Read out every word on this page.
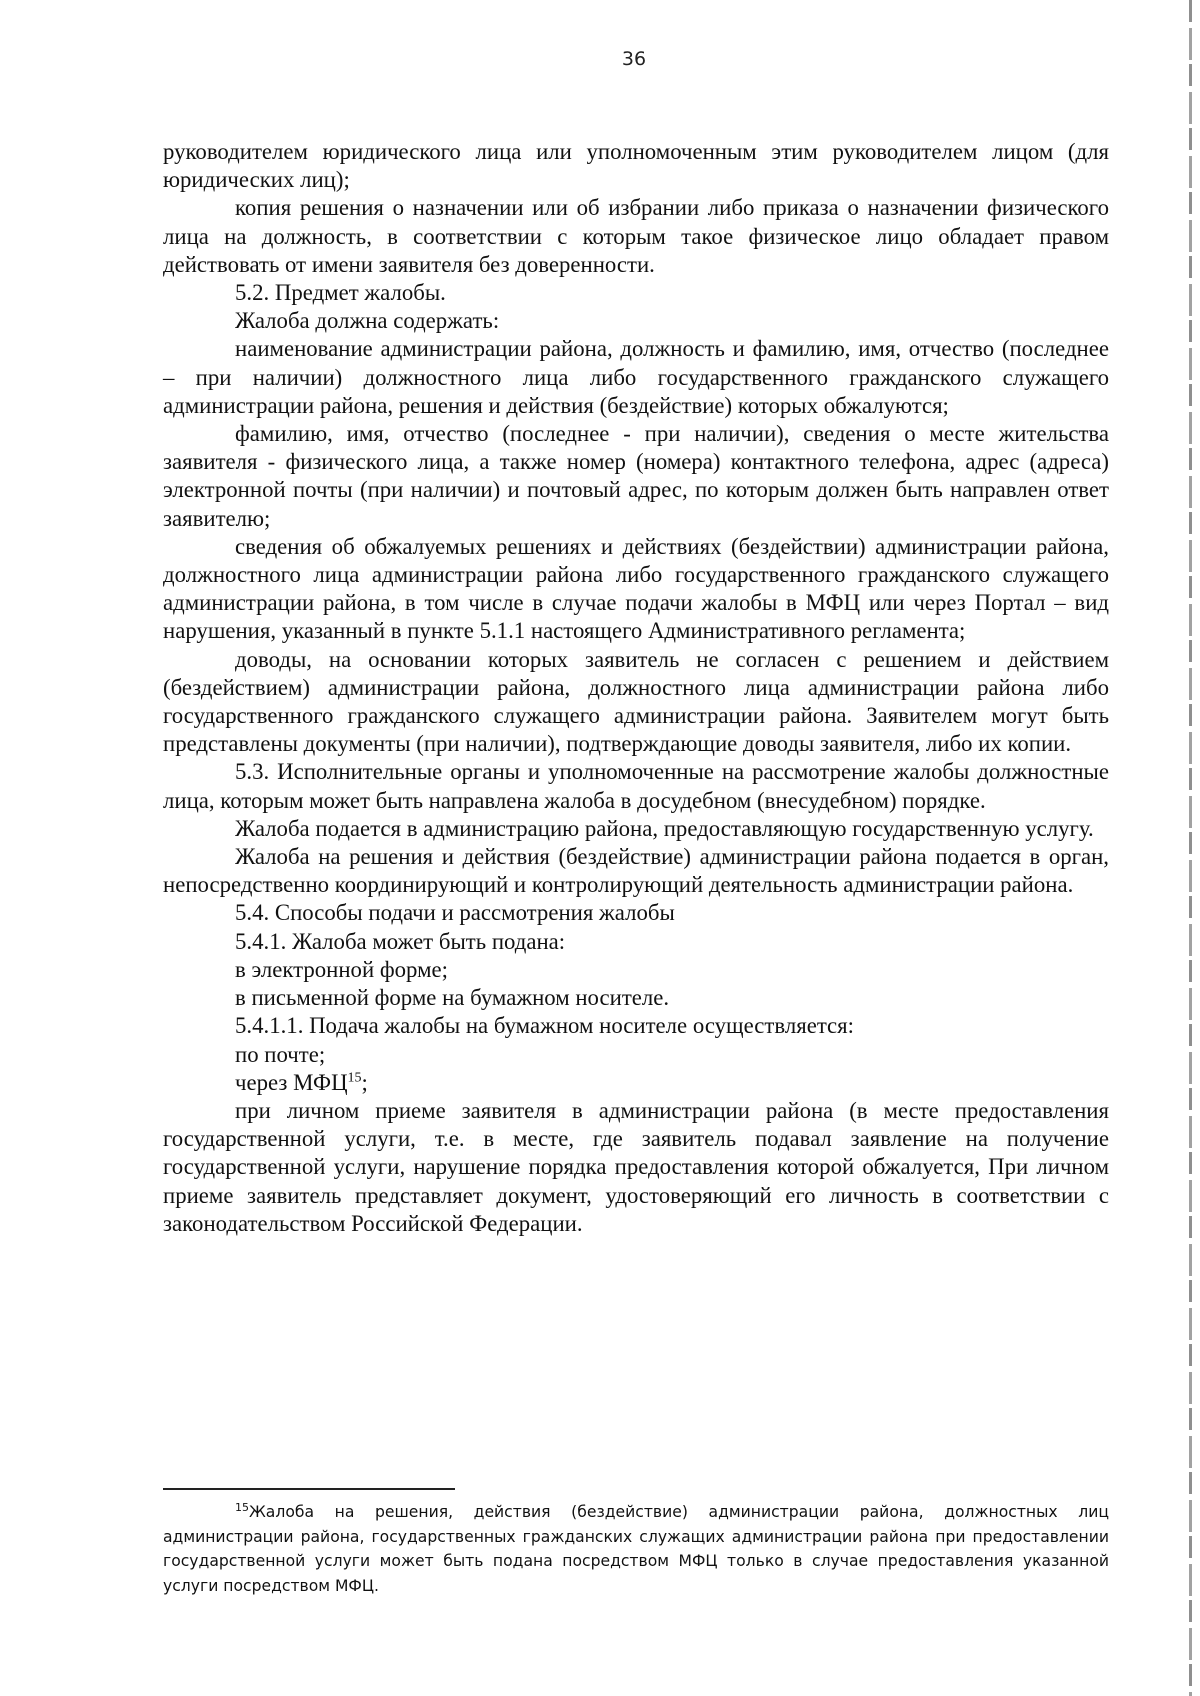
36

руководителем юридического лица или уполномоченным этим руководителем лицом (для юридических лиц);

копия решения о назначении или об избрании либо приказа о назначении физического лица на должность, в соответствии с которым такое физическое лицо обладает правом действовать от имени заявителя без доверенности.

5.2. Предмет жалобы.

Жалоба должна содержать:

наименование администрации района, должность и фамилию, имя, отчество (последнее – при наличии) должностного лица либо государственного гражданского служащего администрации района, решения и действия (бездействие) которых обжалуются;

фамилию, имя, отчество (последнее - при наличии), сведения о месте жительства заявителя - физического лица, а также номер (номера) контактного телефона, адрес (адреса) электронной почты (при наличии) и почтовый адрес, по которым должен быть направлен ответ заявителю;

сведения об обжалуемых решениях и действиях (бездействии) администрации района, должностного лица администрации района либо государственного гражданского служащего администрации района, в том числе в случае подачи жалобы в МФЦ или через Портал – вид нарушения, указанный в пункте 5.1.1 настоящего Административного регламента;

доводы, на основании которых заявитель не согласен с решением и действием (бездействием) администрации района, должностного лица администрации района либо государственного гражданского служащего администрации района. Заявителем могут быть представлены документы (при наличии), подтверждающие доводы заявителя, либо их копии.

5.3. Исполнительные органы и уполномоченные на рассмотрение жалобы должностные лица, которым может быть направлена жалоба в досудебном (внесудебном) порядке.

Жалоба подается в администрацию района, предоставляющую государственную услугу.

Жалоба на решения и действия (бездействие) администрации района подается в орган, непосредственно координирующий и контролирующий деятельность администрации района.

5.4. Способы подачи и рассмотрения жалобы

5.4.1. Жалоба может быть подана:

в электронной форме;

в письменной форме на бумажном носителе.

5.4.1.1. Подача жалобы на бумажном носителе осуществляется:

по почте;

через МФЦ$^{15}$;

при личном приеме заявителя в администрации района (в месте предоставления государственной услуги, т.е. в месте, где заявитель подавал заявление на получение государственной услуги, нарушение порядка предоставления которой обжалуется, При личном приеме заявитель представляет документ, удостоверяющий его личность в соответствии с законодательством Российской Федерации.

$^{15}$Жалоба на решения, действия (бездействие) администрации района, должностных лиц администрации района, государственных гражданских служащих администрации района при предоставлении государственной услуги может быть подана посредством МФЦ только в случае предоставления указанной услуги посредством МФЦ.
